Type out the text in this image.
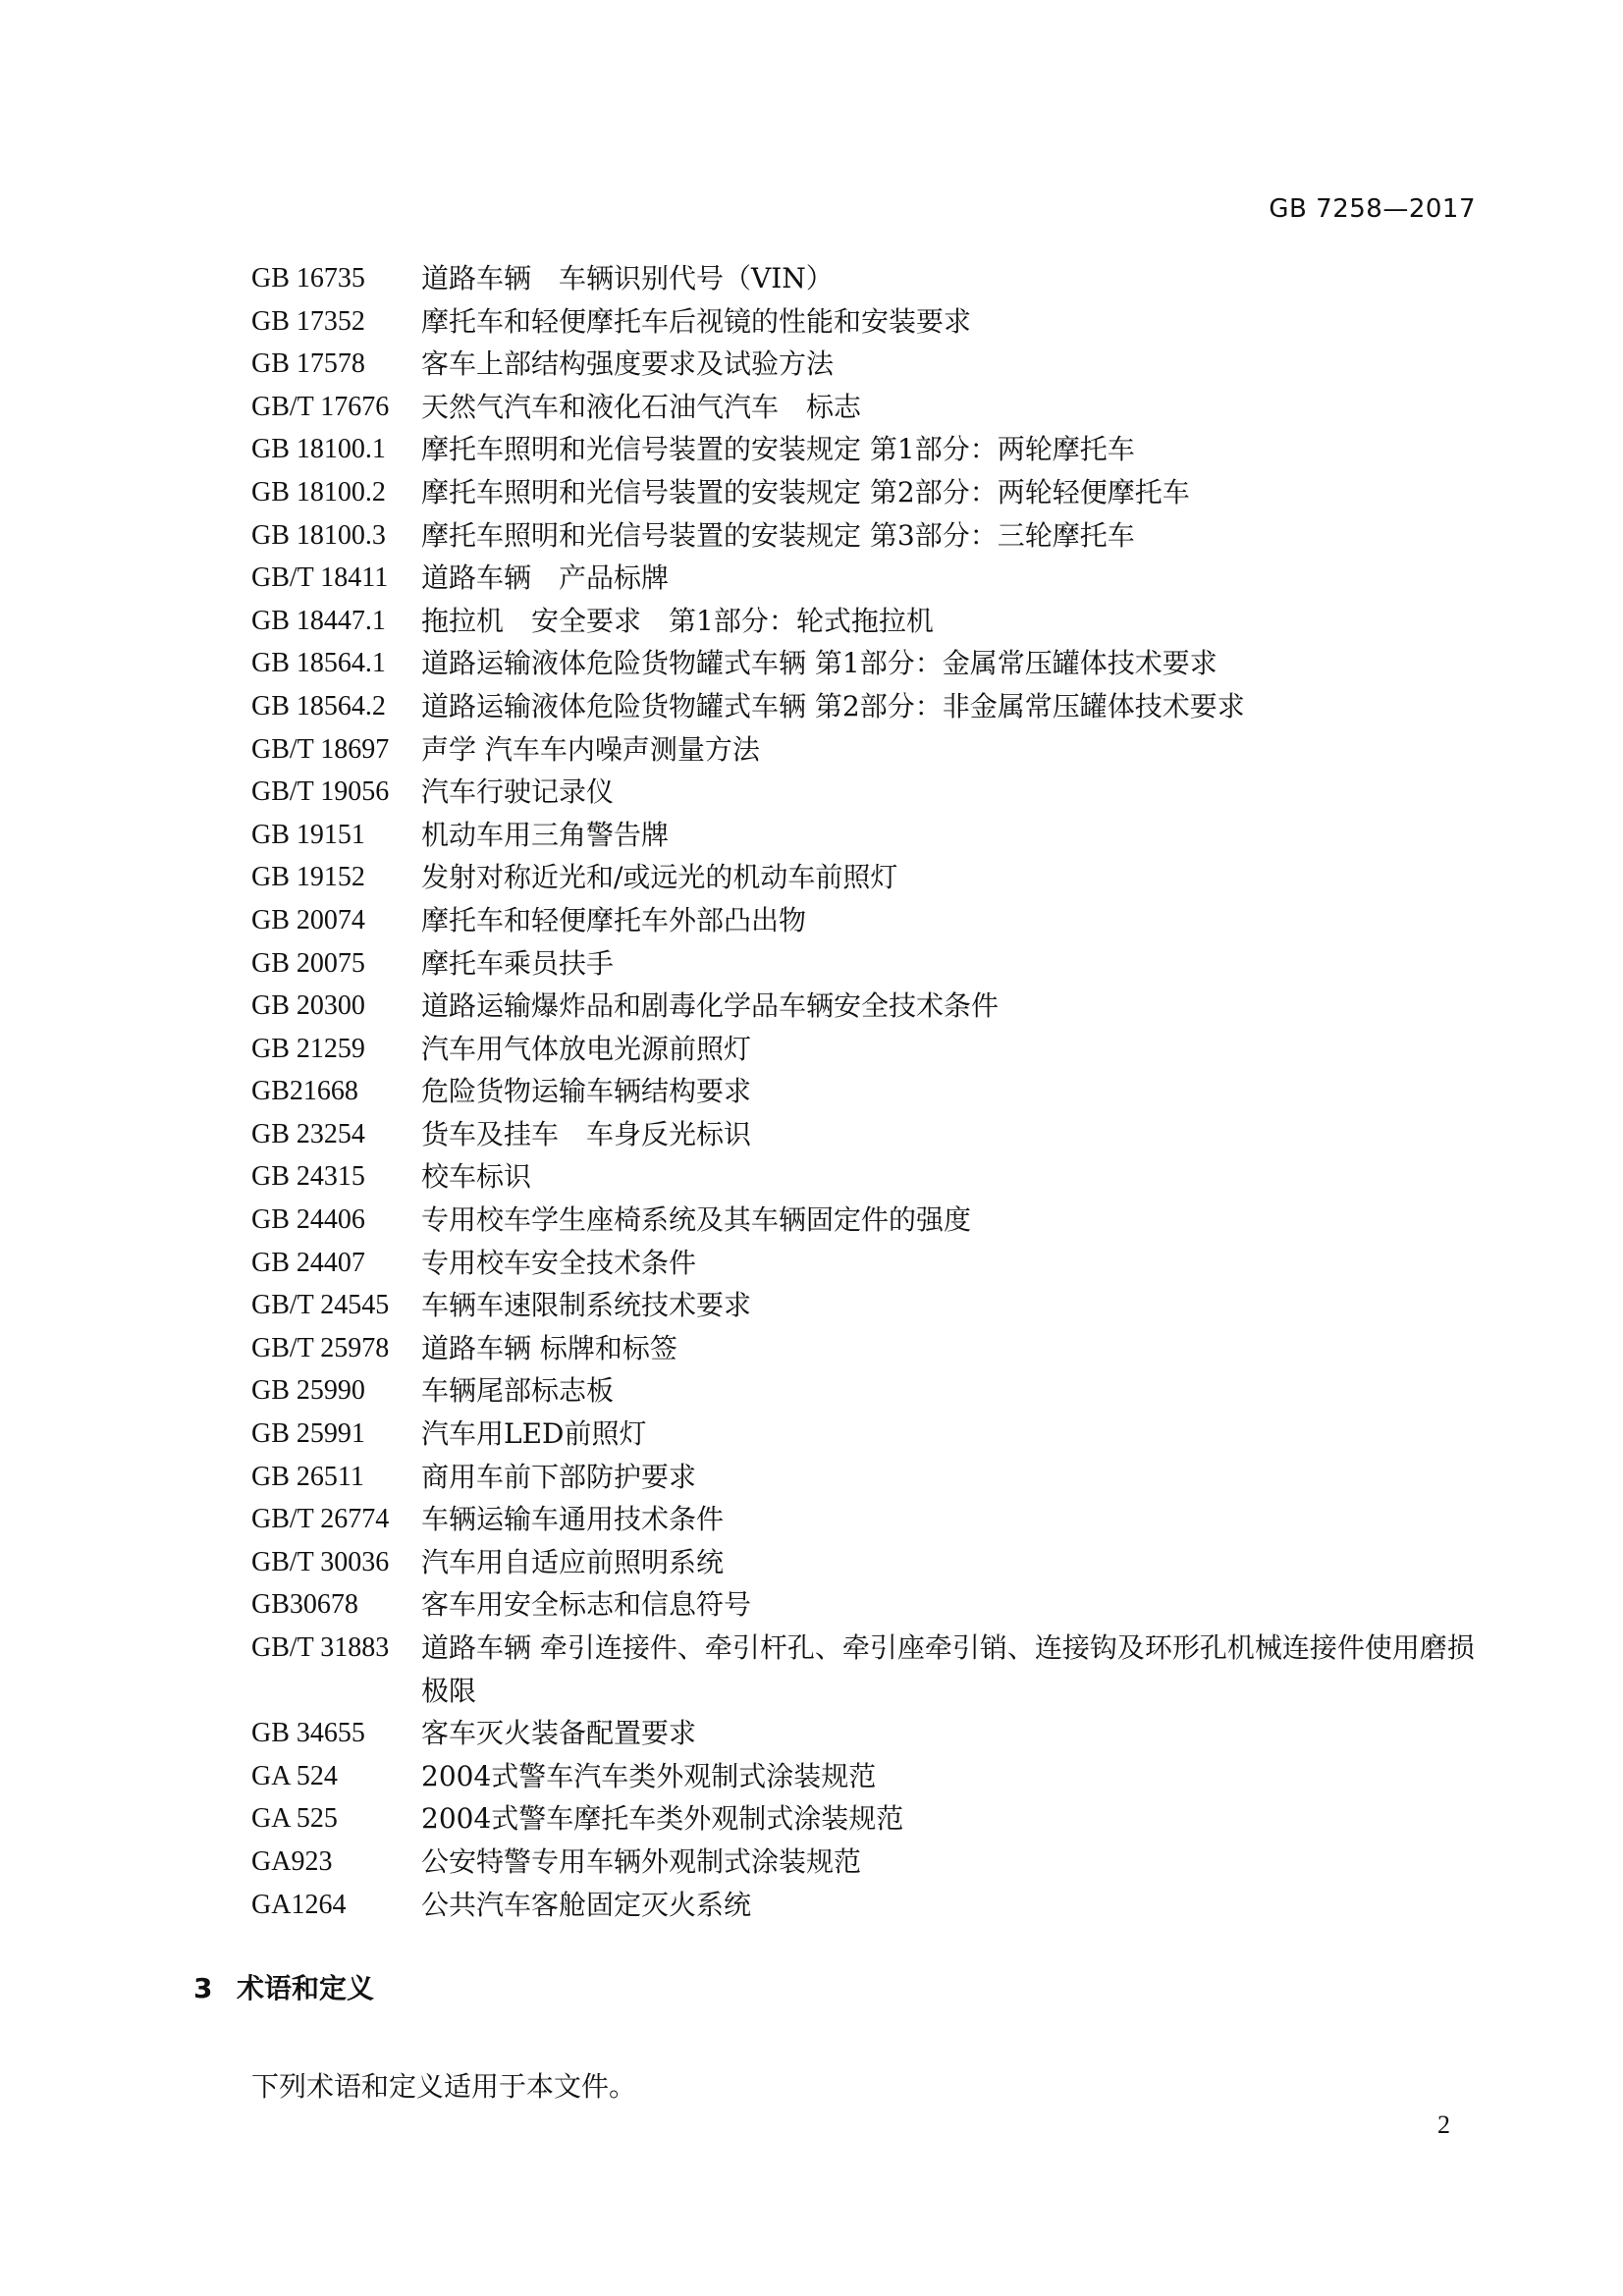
GB 7258—2017
GB 16735	道路车辆　车辆识别代号（VIN）
GB 17352	摩托车和轻便摩托车后视镜的性能和安装要求
GB 17578	客车上部结构强度要求及试验方法
GB/T 17676	天然气汽车和液化石油气汽车　标志
GB 18100.1	摩托车照明和光信号装置的安装规定 第1部分：两轮摩托车
GB 18100.2	摩托车照明和光信号装置的安装规定 第2部分：两轮轻便摩托车
GB 18100.3	摩托车照明和光信号装置的安装规定 第3部分：三轮摩托车
GB/T 18411	道路车辆　产品标牌
GB 18447.1	拖拉机　安全要求　第1部分：轮式拖拉机
GB 18564.1	道路运输液体危险货物罐式车辆 第1部分：金属常压罐体技术要求
GB 18564.2	道路运输液体危险货物罐式车辆 第2部分：非金属常压罐体技术要求
GB/T 18697	声学 汽车车内噪声测量方法
GB/T 19056	汽车行驶记录仪
GB 19151	机动车用三角警告牌
GB 19152	发射对称近光和/或远光的机动车前照灯
GB 20074	摩托车和轻便摩托车外部凸出物
GB 20075	摩托车乘员扶手
GB 20300	道路运输爆炸品和剧毒化学品车辆安全技术条件
GB 21259	汽车用气体放电光源前照灯
GB21668	危险货物运输车辆结构要求
GB 23254	货车及挂车　车身反光标识
GB 24315	校车标识
GB 24406	专用校车学生座椅系统及其车辆固定件的强度
GB 24407	专用校车安全技术条件
GB/T 24545	车辆车速限制系统技术要求
GB/T 25978	道路车辆 标牌和标签
GB 25990	车辆尾部标志板
GB 25991	汽车用LED前照灯
GB 26511	商用车前下部防护要求
GB/T 26774	车辆运输车通用技术条件
GB/T 30036	汽车用自适应前照明系统
GB30678	客车用安全标志和信息符号
GB/T 31883	道路车辆 牵引连接件、牵引杆孔、牵引座牵引销、连接钩及环形孔机械连接件使用磨损极限
GB 34655	客车灭火装备配置要求
GA 524	2004式警车汽车类外观制式涂装规范
GA 525	2004式警车摩托车类外观制式涂装规范
GA923	公安特警专用车辆外观制式涂装规范
GA1264	公共汽车客舱固定灭火系统
3 术语和定义
下列术语和定义适用于本文件。
2
